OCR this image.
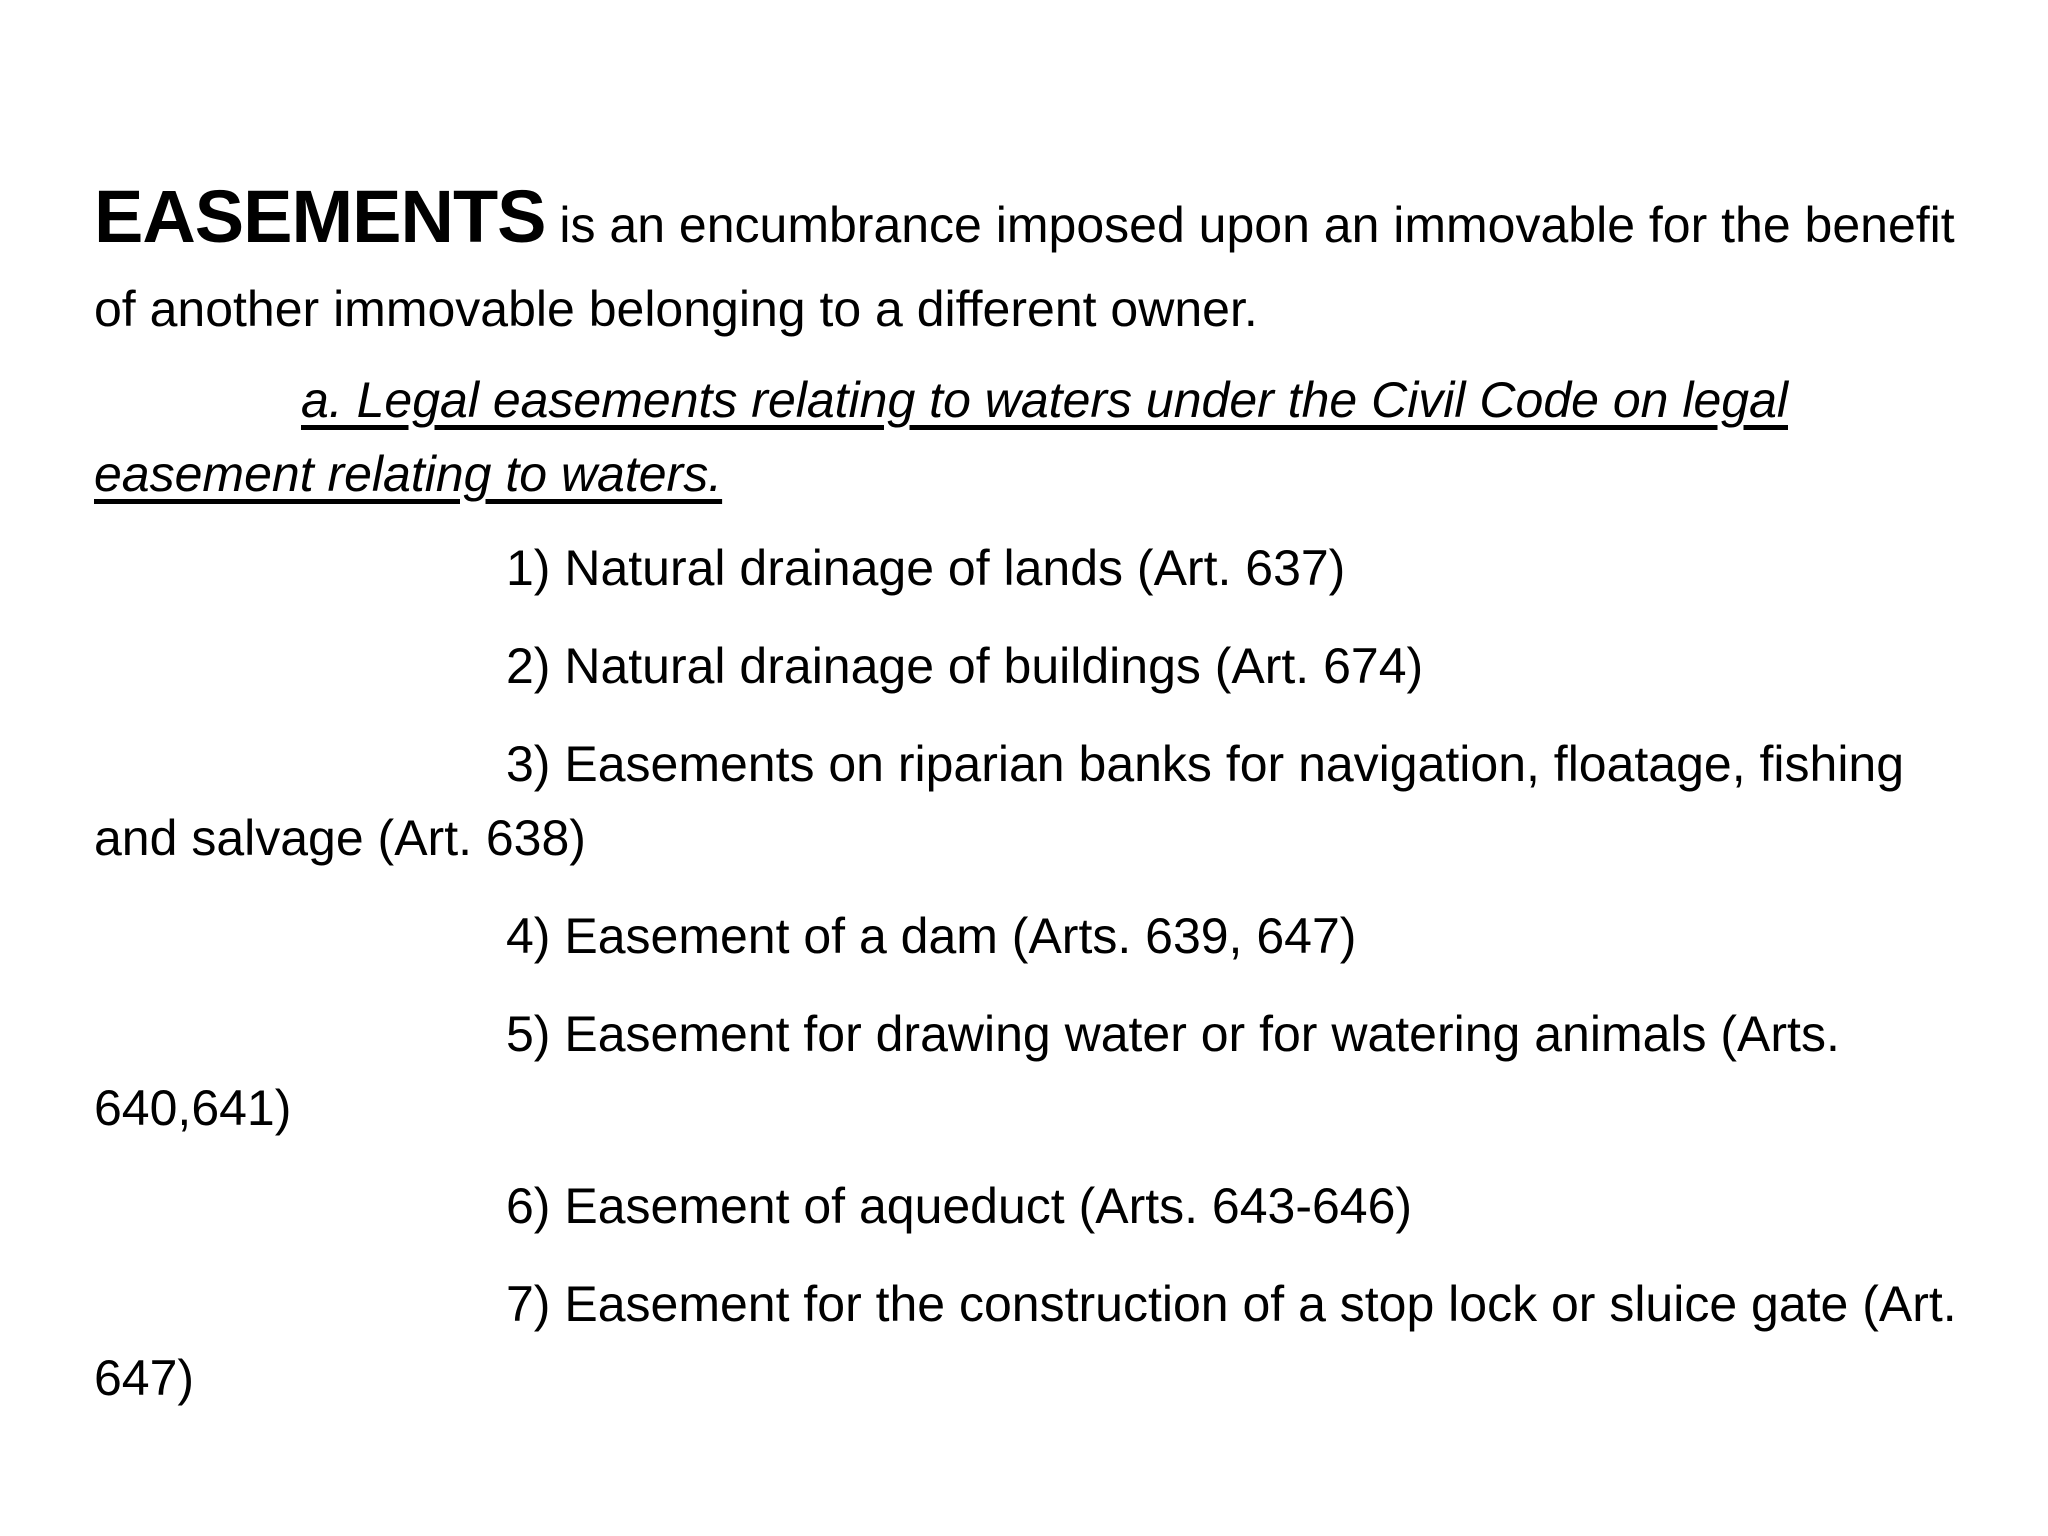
EASEMENTS is an encumbrance imposed upon an immovable for the benefit of another immovable belonging to a different owner.

a. Legal easements relating to waters under the Civil Code on legal easement relating to waters.

1) Natural drainage of lands (Art. 637)

2) Natural drainage of buildings (Art. 674)

3) Easements on riparian banks for navigation, floatage, fishing and salvage (Art. 638)

4) Easement of a dam (Arts. 639, 647)

5) Easement for drawing water or for watering animals (Arts. 640,641)

6) Easement of aqueduct (Arts. 643-646)

7) Easement for the construction of a stop lock or sluice gate (Art. 647)
